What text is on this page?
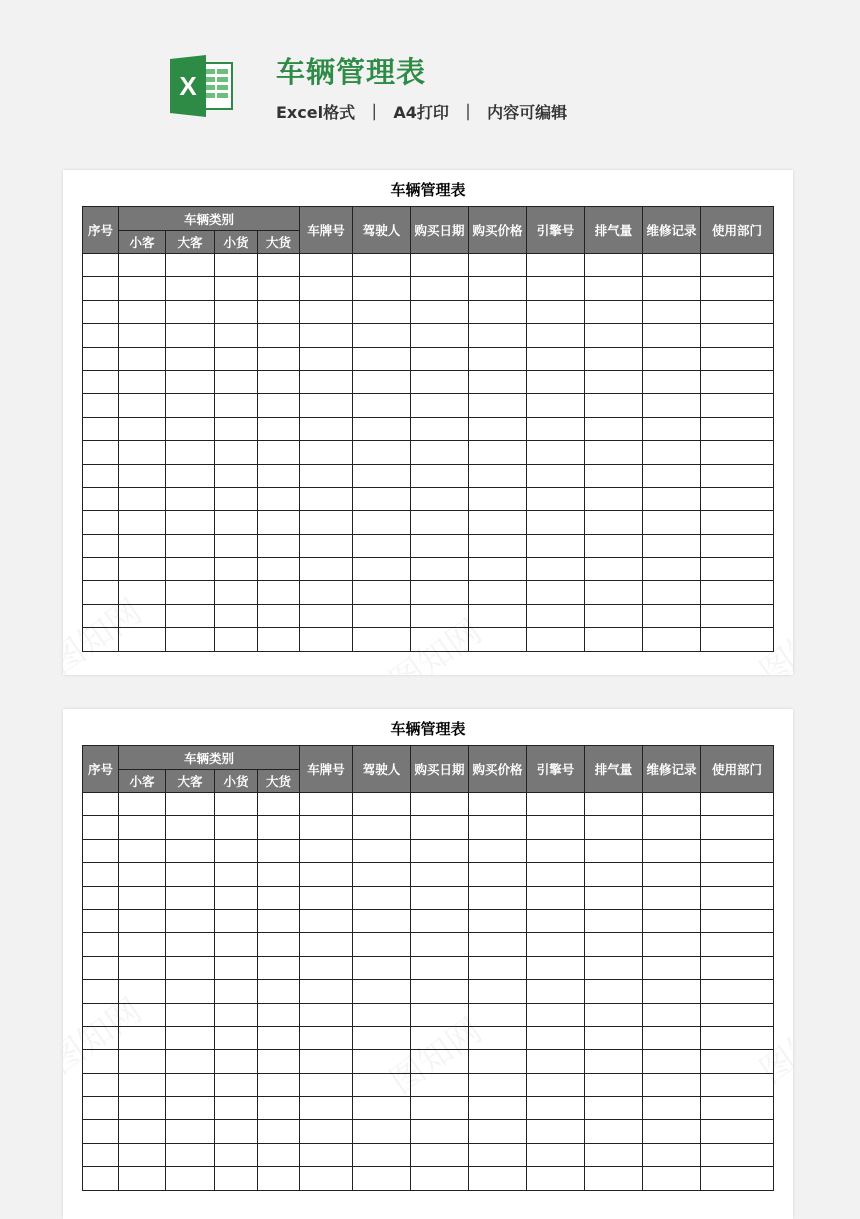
X	车辆管理表
Excel格式  ｜  A4打印  ｜  内容可编辑
车辆管理表
序号	车辆类别				车牌号	驾驶人	购买日期	购买价格	引擎号	排气量	维修记录	使用部门
	小客	大客	小货	大货								

车辆管理表
序号	车辆类别				车牌号	驾驶人	购买日期	购买价格	引擎号	排气量	维修记录	使用部门
	小客	大客	小货	大货								
